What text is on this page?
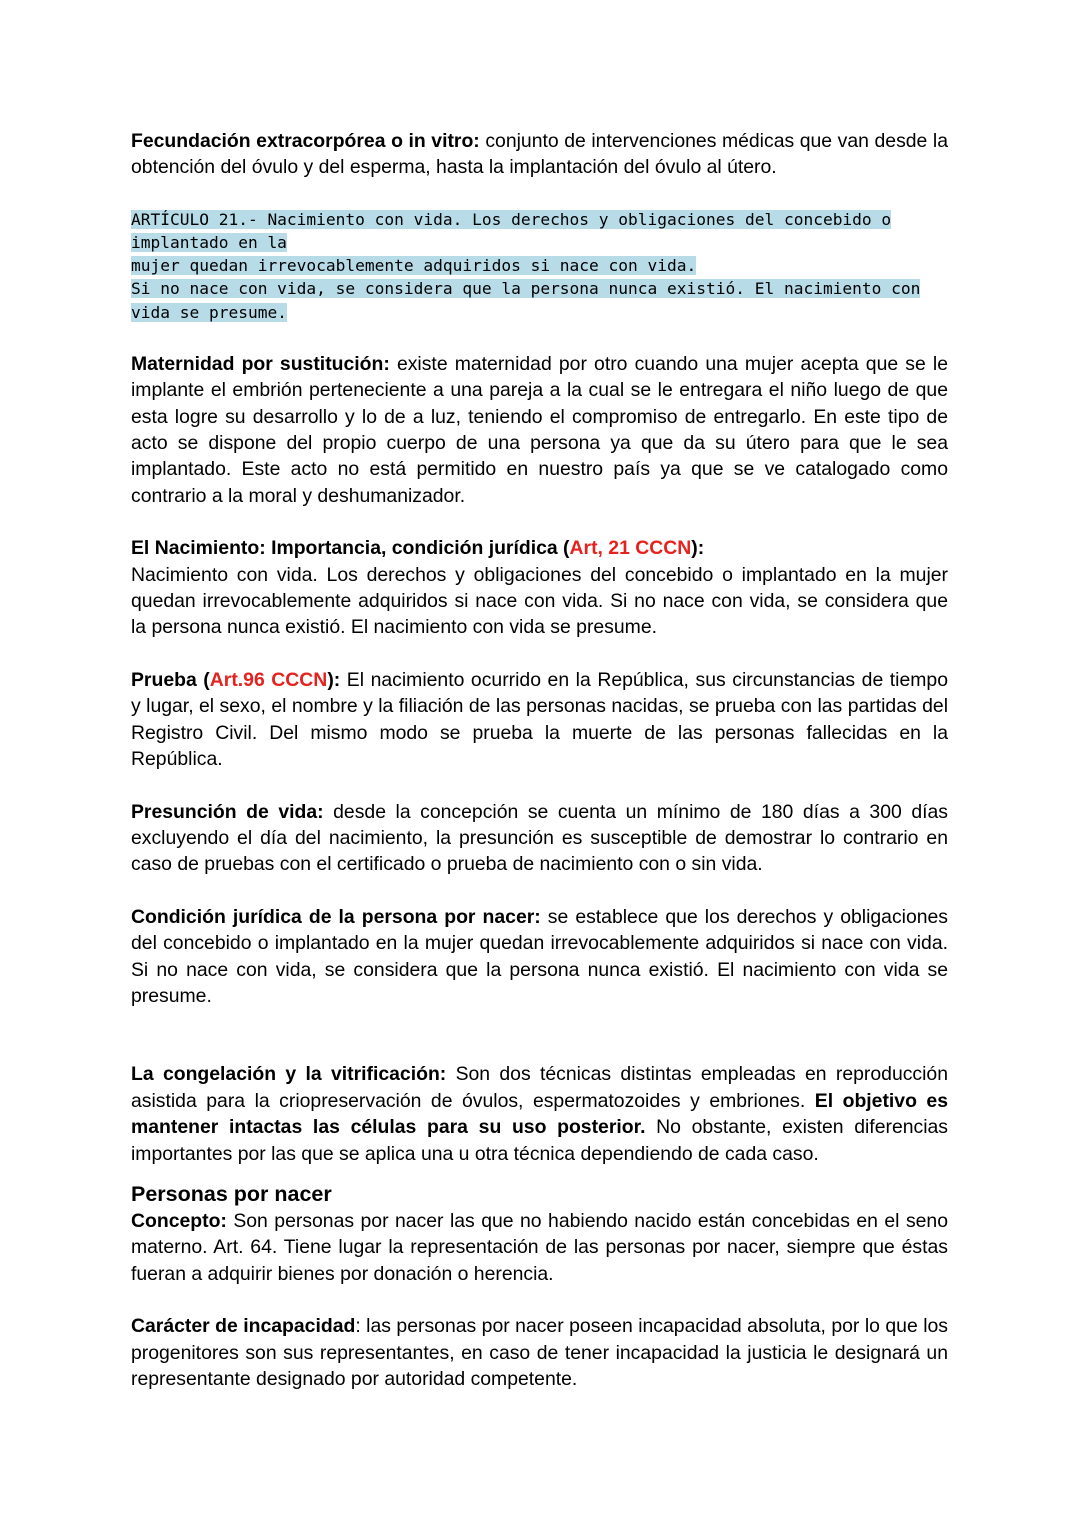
Fecundación extracorpórea o in vitro: conjunto de intervenciones médicas que van desde la obtención del óvulo y del esperma, hasta la implantación del óvulo al útero.

ARTÍCULO 21.- Nacimiento con vida. Los derechos y obligaciones del concebido o implantado en la

mujer quedan irrevocablemente adquiridos si nace con vida.

Si no nace con vida, se considera que la persona nunca existió. El nacimiento con vida se presume.

Maternidad por sustitución: existe maternidad por otro cuando una mujer acepta que se le implante el embrión perteneciente a una pareja a la cual se le entregara el niño luego de que esta logre su desarrollo y lo de a luz, teniendo el compromiso de entregarlo. En este tipo de acto se dispone del propio cuerpo de una persona ya que da su útero para que le sea implantado. Este acto no está permitido en nuestro país ya que se ve catalogado como contrario a la moral y deshumanizador.

El Nacimiento: Importancia, condición jurídica (Art, 21 CCCN):

Nacimiento con vida. Los derechos y obligaciones del concebido o implantado en la mujer quedan irrevocablemente adquiridos si nace con vida. Si no nace con vida, se considera que la persona nunca existió. El nacimiento con vida se presume.

Prueba (Art.96 CCCN): El nacimiento ocurrido en la República, sus circunstancias de tiempo y lugar, el sexo, el nombre y la filiación de las personas nacidas, se prueba con las partidas del Registro Civil. Del mismo modo se prueba la muerte de las personas fallecidas en la República.

Presunción de vida: desde la concepción se cuenta un mínimo de 180 días a 300 días excluyendo el día del nacimiento, la presunción es susceptible de demostrar lo contrario en caso de pruebas con el certificado o prueba de nacimiento con o sin vida.

Condición jurídica de la persona por nacer: se establece que los derechos y obligaciones del concebido o implantado en la mujer quedan irrevocablemente adquiridos si nace con vida. Si no nace con vida, se considera que la persona nunca existió. El nacimiento con vida se presume.

La congelación y la vitrificación: Son dos técnicas distintas empleadas en reproducción asistida para la criopreservación de óvulos, espermatozoides y embriones. El objetivo es mantener intactas las células para su uso posterior. No obstante, existen diferencias importantes por las que se aplica una u otra técnica dependiendo de cada caso.

Personas por nacer

Concepto: Son personas por nacer las que no habiendo nacido están concebidas en el seno materno. Art. 64. Tiene lugar la representación de las personas por nacer, siempre que éstas fueran a adquirir bienes por donación o herencia.

Carácter de incapacidad: las personas por nacer poseen incapacidad absoluta, por lo que los progenitores son sus representantes, en caso de tener incapacidad la justicia le designará un representante designado por autoridad competente.
